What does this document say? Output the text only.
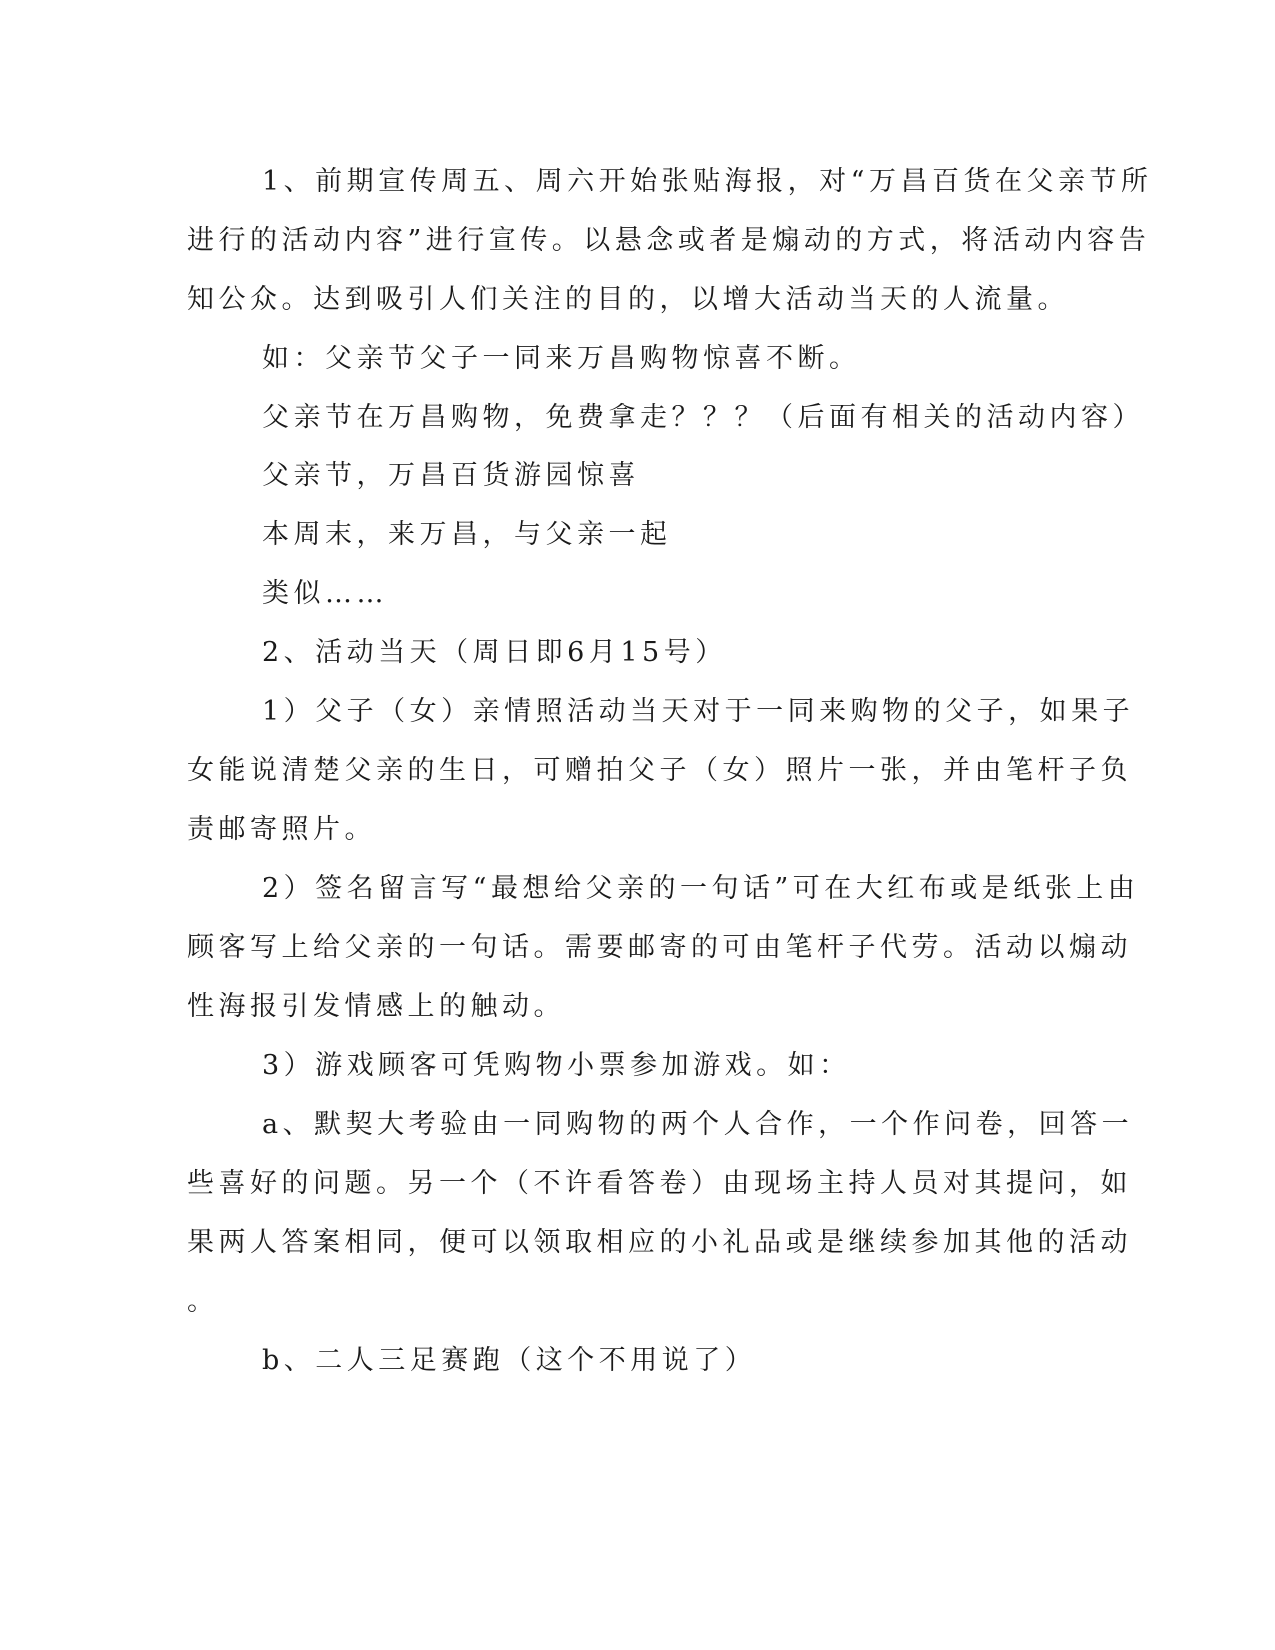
1、前期宣传周五、周六开始张贴海报，对“万昌百货在父亲节所
进行的活动内容”进行宣传。以悬念或者是煽动的方式，将活动内容告
知公众。达到吸引人们关注的目的，以增大活动当天的人流量。
如：父亲节父子一同来万昌购物惊喜不断。
父亲节在万昌购物，免费拿走？？？（后面有相关的活动内容）
父亲节，万昌百货游园惊喜
本周末，来万昌，与父亲一起
类似……
2、活动当天（周日即6月15号）
1）父子（女）亲情照活动当天对于一同来购物的父子，如果子
女能说清楚父亲的生日，可赠拍父子（女）照片一张，并由笔杆子负
责邮寄照片。
2）签名留言写“最想给父亲的一句话”可在大红布或是纸张上由
顾客写上给父亲的一句话。需要邮寄的可由笔杆子代劳。活动以煽动
性海报引发情感上的触动。
3）游戏顾客可凭购物小票参加游戏。如：
a、默契大考验由一同购物的两个人合作，一个作问卷，回答一
些喜好的问题。另一个（不许看答卷）由现场主持人员对其提问，如
果两人答案相同，便可以领取相应的小礼品或是继续参加其他的活动
。
b、二人三足赛跑（这个不用说了）
